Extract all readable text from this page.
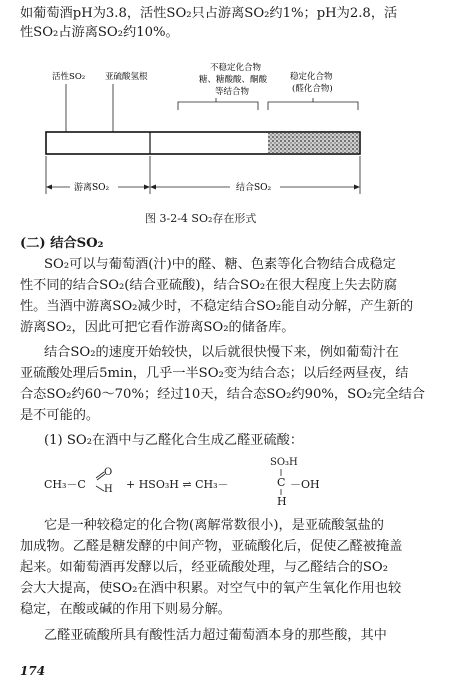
如葡萄酒pH为3.8，活性SO₂只占游离SO₂约1%；pH为2.8，活
性SO₂占游离SO₂约10%。
活性SO₂ 亚硫酸氢根
不稳定化合物
糖、糖酸酸、酮酸
等结合物
稳定化合物
(醛化合物)
游离SO₂	结合SO₂
图 3-2-4 SO₂存在形式
(二) 结合SO₂
SO₂可以与葡萄酒(汁)中的醛、糖、色素等化合物结合成稳定
性不同的结合SO₂(结合亚硫酸)，结合SO₂在很大程度上失去防腐
性。当酒中游离SO₂减少时，不稳定结合SO₂能自动分解，产生新的
游离SO₂，因此可把它看作游离SO₂的储备库。
结合SO₂的速度开始较快，以后就很快慢下来，例如葡萄汁在
亚硫酸处理后5min，几乎一半SO₂变为结合态；以后经两昼夜，结
合态SO₂约60～70%；经过10天，结合态SO₂约90%，SO₂完全结合
是不可能的。
(1) SO₂在酒中与乙醛化合生成乙醛亚硫酸：
CH₃－C
O
H + HSO₃H ⇌ CH₃－
SO₃H
C －OH
H
它是一种较稳定的化合物(离解常数很小)，是亚硫酸氢盐的
加成物。乙醛是糖发酵的中间产物，亚硫酸化后，促使乙醛被掩盖
起来。如葡萄酒再发酵以后，经亚硫酸处理，与乙醛结合的SO₂
会大大提高，使SO₂在酒中积累。对空气中的氧产生氧化作用也较
稳定，在酸或碱的作用下则易分解。
乙醛亚硫酸所具有酸性活力超过葡萄酒本身的那些酸，其中
174
